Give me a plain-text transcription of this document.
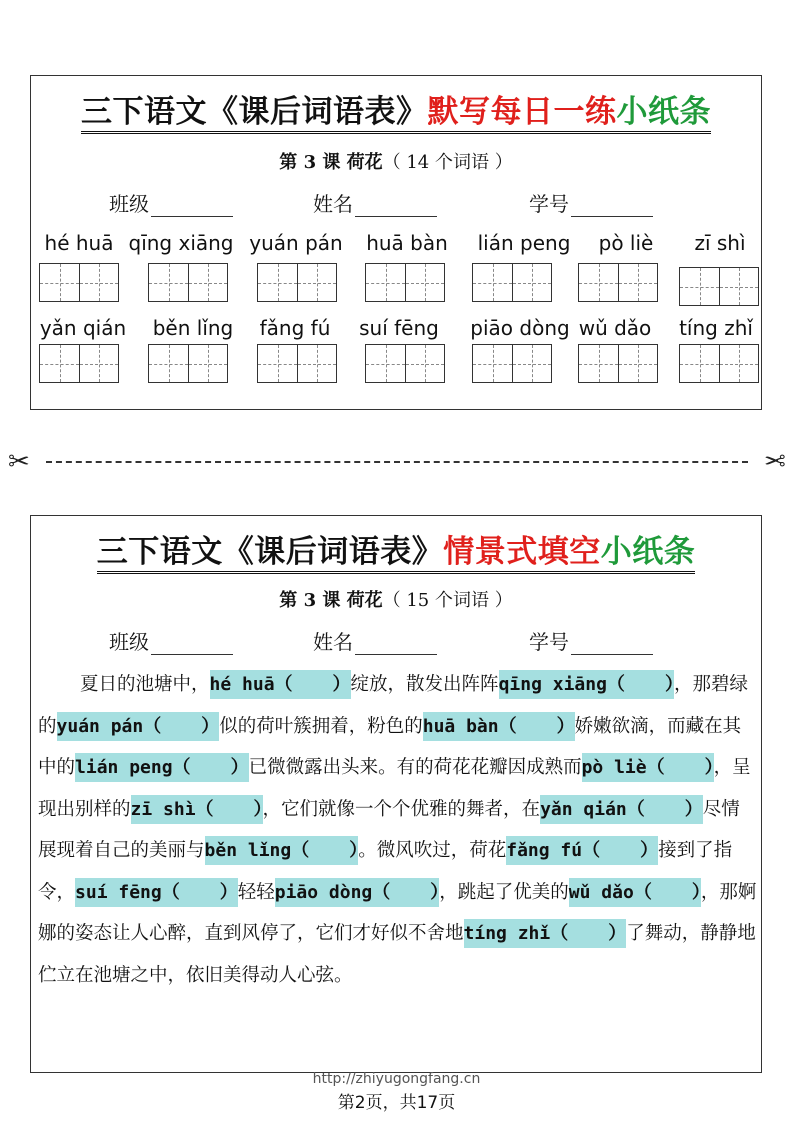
三下语文《课后词语表》默写每日一练小纸条
第 3 课 荷花（ 14 个词语 ）
班级	姓名	学号
hé huā qīng xiāng yuán pán huā bàn lián peng pò liè zī shì
yǎn qián běn lǐng fǎng fú suí fēng piāo dòng wǔ dǎo tíng zhǐ
✂	✂
三下语文《课后词语表》情景式填空小纸条
第 3 课 荷花（ 15 个词语 ）
班级	姓名	学号

夏日的池塘中，hé huā（ ）绽放，散发出阵阵qīng xiāng（ ），那碧绿的yuán pán（ ）似的荷叶簇拥着，粉色的huā bàn（ ）娇嫩欲滴，而藏在其中的lián peng（ ）已微微露出头来。有的荷花花瓣因成熟而pò liè（ ），呈现出别样的zī shì（ ），它们就像一个个优雅的舞者，在yǎn qián（ ）尽情展现着自己的美丽与běn lǐng（ ）。微风吹过，荷花fǎng fú（ ）接到了指令，suí fēng（ ）轻轻piāo dòng（ ），跳起了优美的wǔ dǎo（ ），那婀娜的姿态让人心醉，直到风停了，它们才好似不舍地tíng zhǐ（ ）了舞动，静静地伫立在池塘之中，依旧美得动人心弦。

http://zhiyugongfang.cn
第2页，共17页
